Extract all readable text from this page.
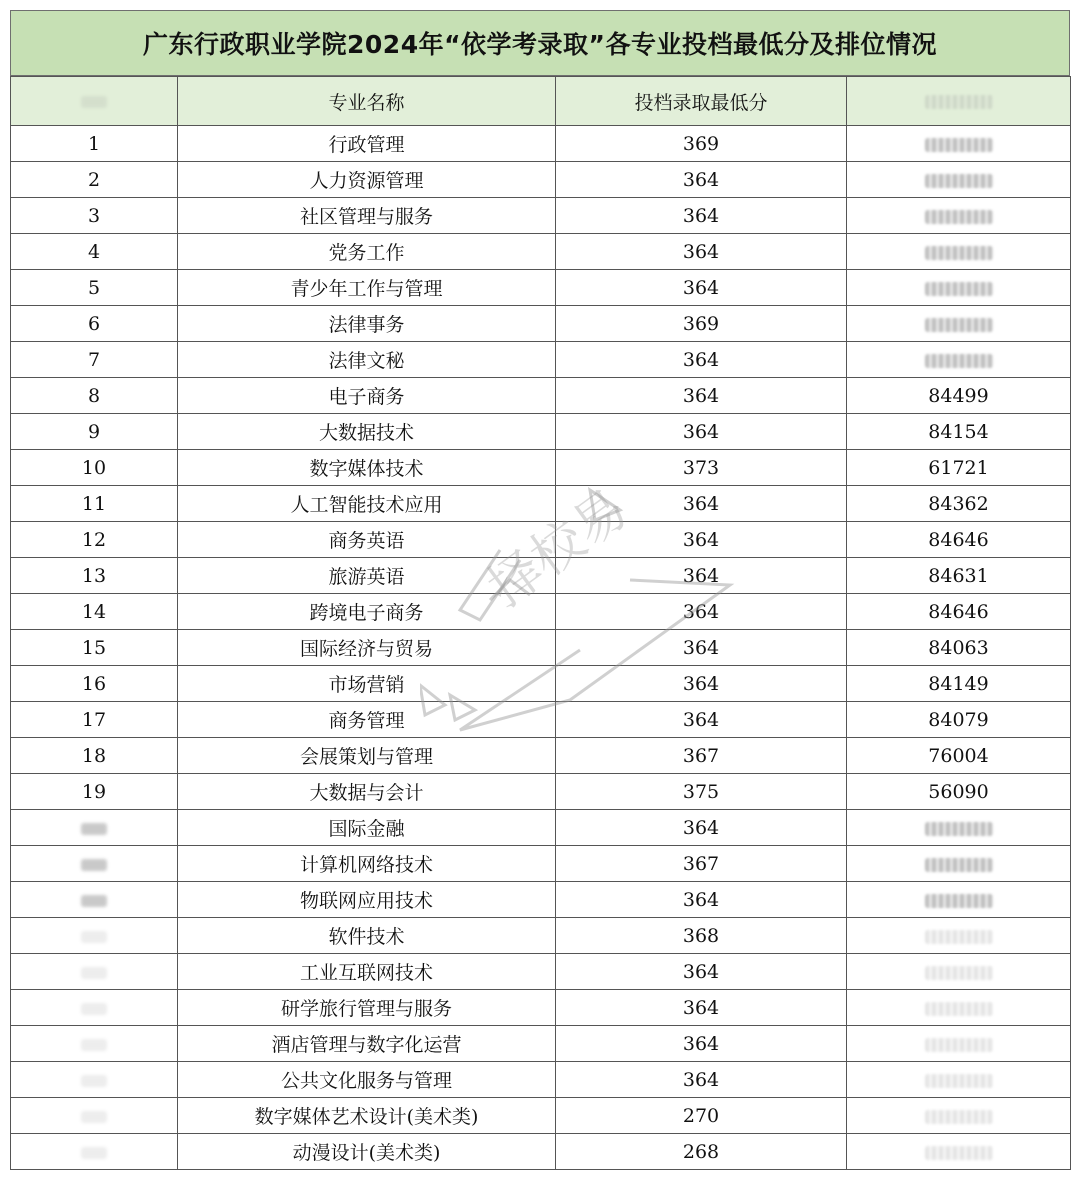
广东行政职业学院2024年“依学考录取”各专业投档最低分及排位情况
	专业名称	投档录取最低分	
1	行政管理	369	
2	人力资源管理	364	
3	社区管理与服务	364	
4	党务工作	364	
5	青少年工作与管理	364	
6	法律事务	369	
7	法律文秘	364	
8	电子商务	364	84499
9	大数据技术	364	84154
10	数字媒体技术	373	61721
11	人工智能技术应用	364	84362
12	商务英语	364	84646
13	旅游英语	364	84631
14	跨境电子商务	364	84646
15	国际经济与贸易	364	84063
16	市场营销	364	84149
17	商务管理	364	84079
18	会展策划与管理	367	76004
19	大数据与会计	375	56090
	国际金融	364	
	计算机网络技术	367	
	物联网应用技术	364	
	软件技术	368	
	工业互联网技术	364	
	研学旅行管理与服务	364	
	酒店管理与数字化运营	364	
	公共文化服务与管理	364	
	数字媒体艺术设计(美术类)	270	
	动漫设计(美术类)	268	
择校易
